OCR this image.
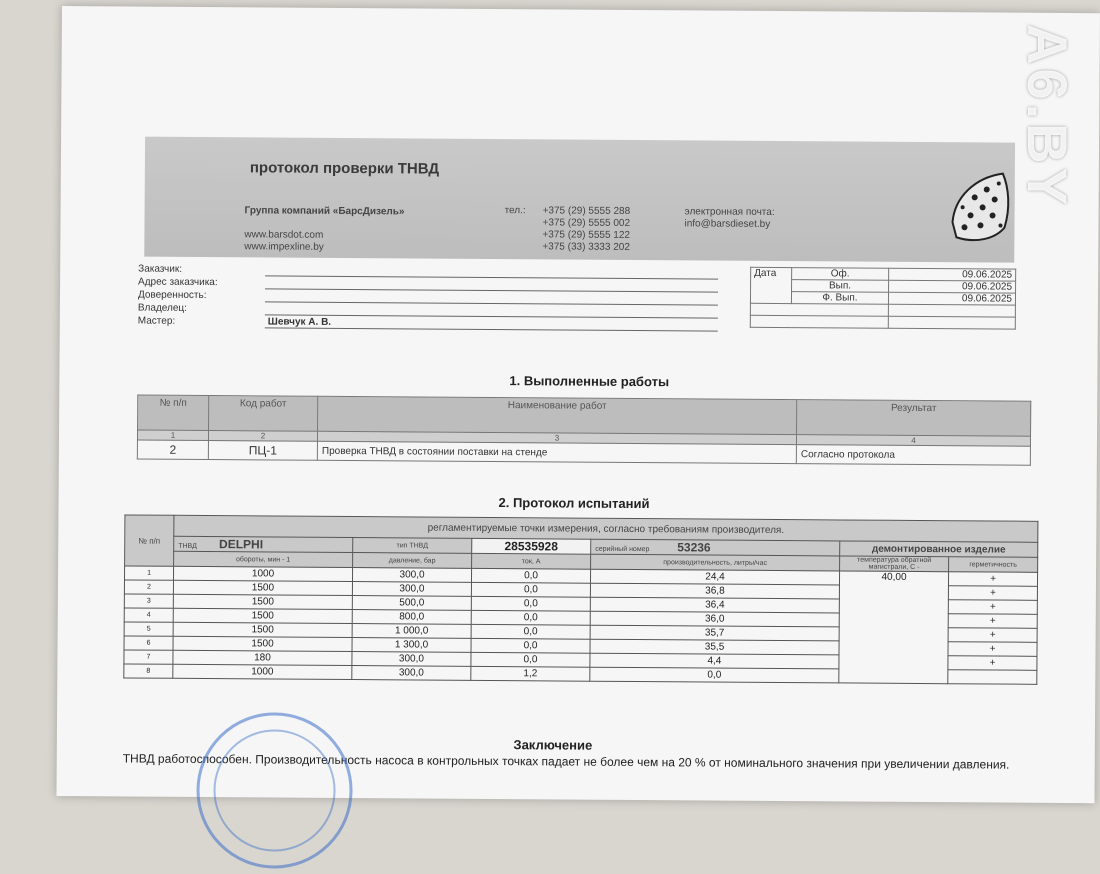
протокол проверки ТНВД
Группа компаний «БарсДизель»
www.barsdot.com
www.impexline.by
тел.: +375 (29) 5555 288
+375 (29) 5555 002
+375 (29) 5555 122
+375 (33) 3333 202
электронная почта:
info@barsdieset.by
Заказчик:
Адрес заказчика:
Доверенность:
Владелец:
Мастер:	Шевчук А. В.
Дата	Оф.	09.06.2025
	Вып.	09.06.2025
	Ф. Вып.	09.06.2025

1. Выполненные работы
№ п/п	Код работ	Наименование работ	Результат
1	2	3	4
2	ПЦ-1	Проверка ТНВД в состоянии поставки на стенде	Согласно протокола
2. Протокол испытаний
№ п/п	регламентируемые точки измерения, согласно требованиям производителя.					
	ТНВД DELPHI	тип ТНВД	28535928	серийный номер 53236	демонтированное изделие	
	обороты, мин - 1	давление, бар	ток, А	производительность, литры/час	температура обратной магистрали, С -	герметичность
1	1000	300,0	0,0	24,4	40,00	+
2	1500	300,0	0,0	36,8		+
3	1500	500,0	0,0	36,4		+
4	1500	800,0	0,0	36,0		+
5	1500	1 000,0	0,0	35,7		+
6	1500	1 300,0	0,0	35,5		+
7	180	300,0	0,0	4,4		+
8	1000	300,0	1,2	0,0		
Заключение
ТНВД работоспособен. Производительность насоса в контрольных точках падает не более чем на 20 % от номинального значения при увеличении давления.
А6.BY
